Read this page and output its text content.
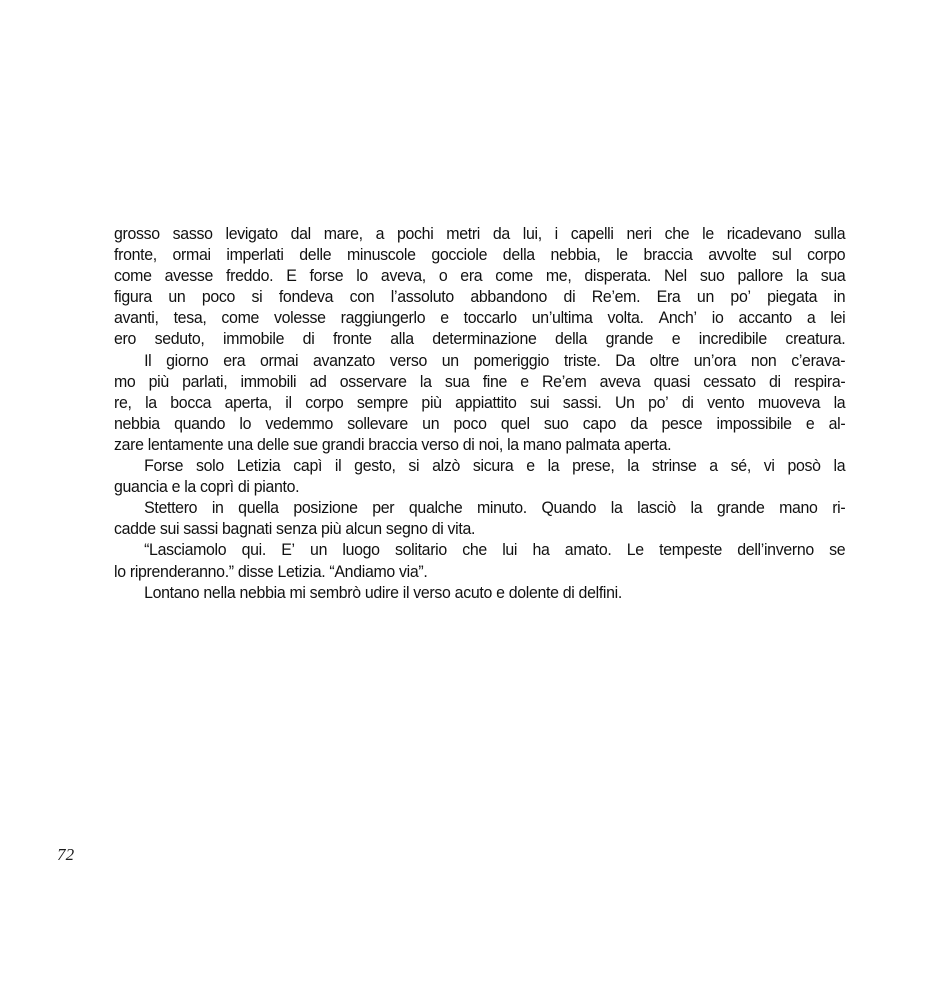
grosso sasso levigato dal mare, a pochi metri da lui, i capelli neri che le ricadevano sulla
fronte, ormai imperlati delle minuscole gocciole della nebbia, le braccia avvolte sul corpo
come avesse freddo. E forse lo aveva, o era come me, disperata. Nel suo pallore la sua
figura un poco si fondeva con l’assoluto abbandono di Re’em. Era un po’ piegata in
avanti, tesa, come volesse raggiungerlo e toccarlo un’ultima volta. Anch’ io accanto a lei
ero seduto, immobile di fronte alla determinazione della grande e incredibile creatura.
Il giorno era ormai avanzato verso un pomeriggio triste. Da oltre un’ora non c’erava-
mo più parlati, immobili ad osservare la sua fine e Re’em aveva quasi cessato di respira-
re, la bocca aperta, il corpo sempre più appiattito sui sassi. Un po’ di vento muoveva la
nebbia quando lo vedemmo sollevare un poco quel suo capo da pesce impossibile e al-
zare lentamente una delle sue grandi braccia verso di noi, la mano palmata aperta.
Forse solo Letizia capì il gesto, si alzò sicura e la prese, la strinse a sé, vi posò la
guancia e la coprì di pianto.
Stettero in quella posizione per qualche minuto. Quando la lasciò la grande mano ri-
cadde sui sassi bagnati senza più alcun segno di vita.
“Lasciamolo qui. E’ un luogo solitario che lui ha amato. Le tempeste dell’inverno se
lo riprenderanno.” disse Letizia. “Andiamo via”.
Lontano nella nebbia mi sembrò udire il verso acuto e dolente di delfini.
72
